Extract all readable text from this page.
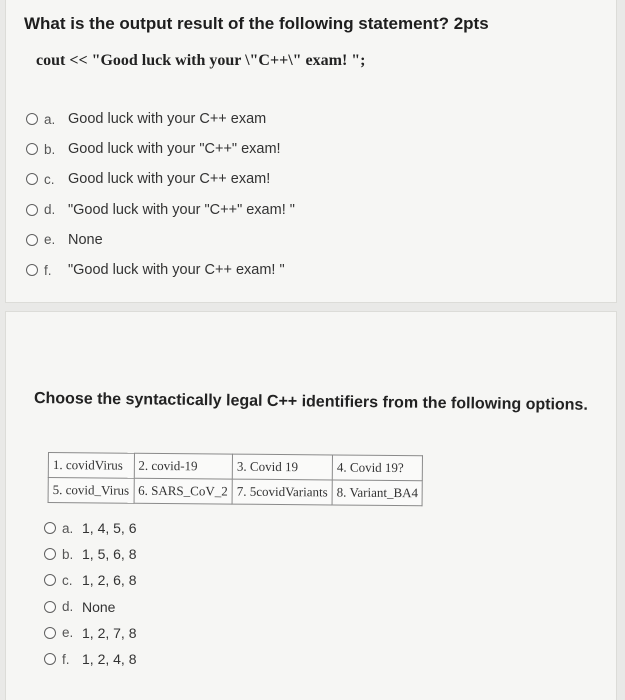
What is the output result of the following statement? 2pts
cout << "Good luck with your \"C++\" exam! ";
a. Good luck with your C++ exam
b. Good luck with your "C++" exam!
c. Good luck with your C++ exam!
d. "Good luck with your "C++" exam! "
e. None
f.	"Good luck with your C++ exam! "
Choose the syntactically legal C++ identifiers from the following options.
1. covidVirus	2. covid-19	3. Covid 19	4. Covid 19?
5. covid_Virus	6. SARS_CoV_2	7. 5covidVariants	8. Variant_BA4
a. 1, 4, 5, 6
b. 1, 5, 6, 8
c. 1, 2, 6, 8
d. None
e. 1, 2, 7, 8
f. 1, 2, 4, 8
